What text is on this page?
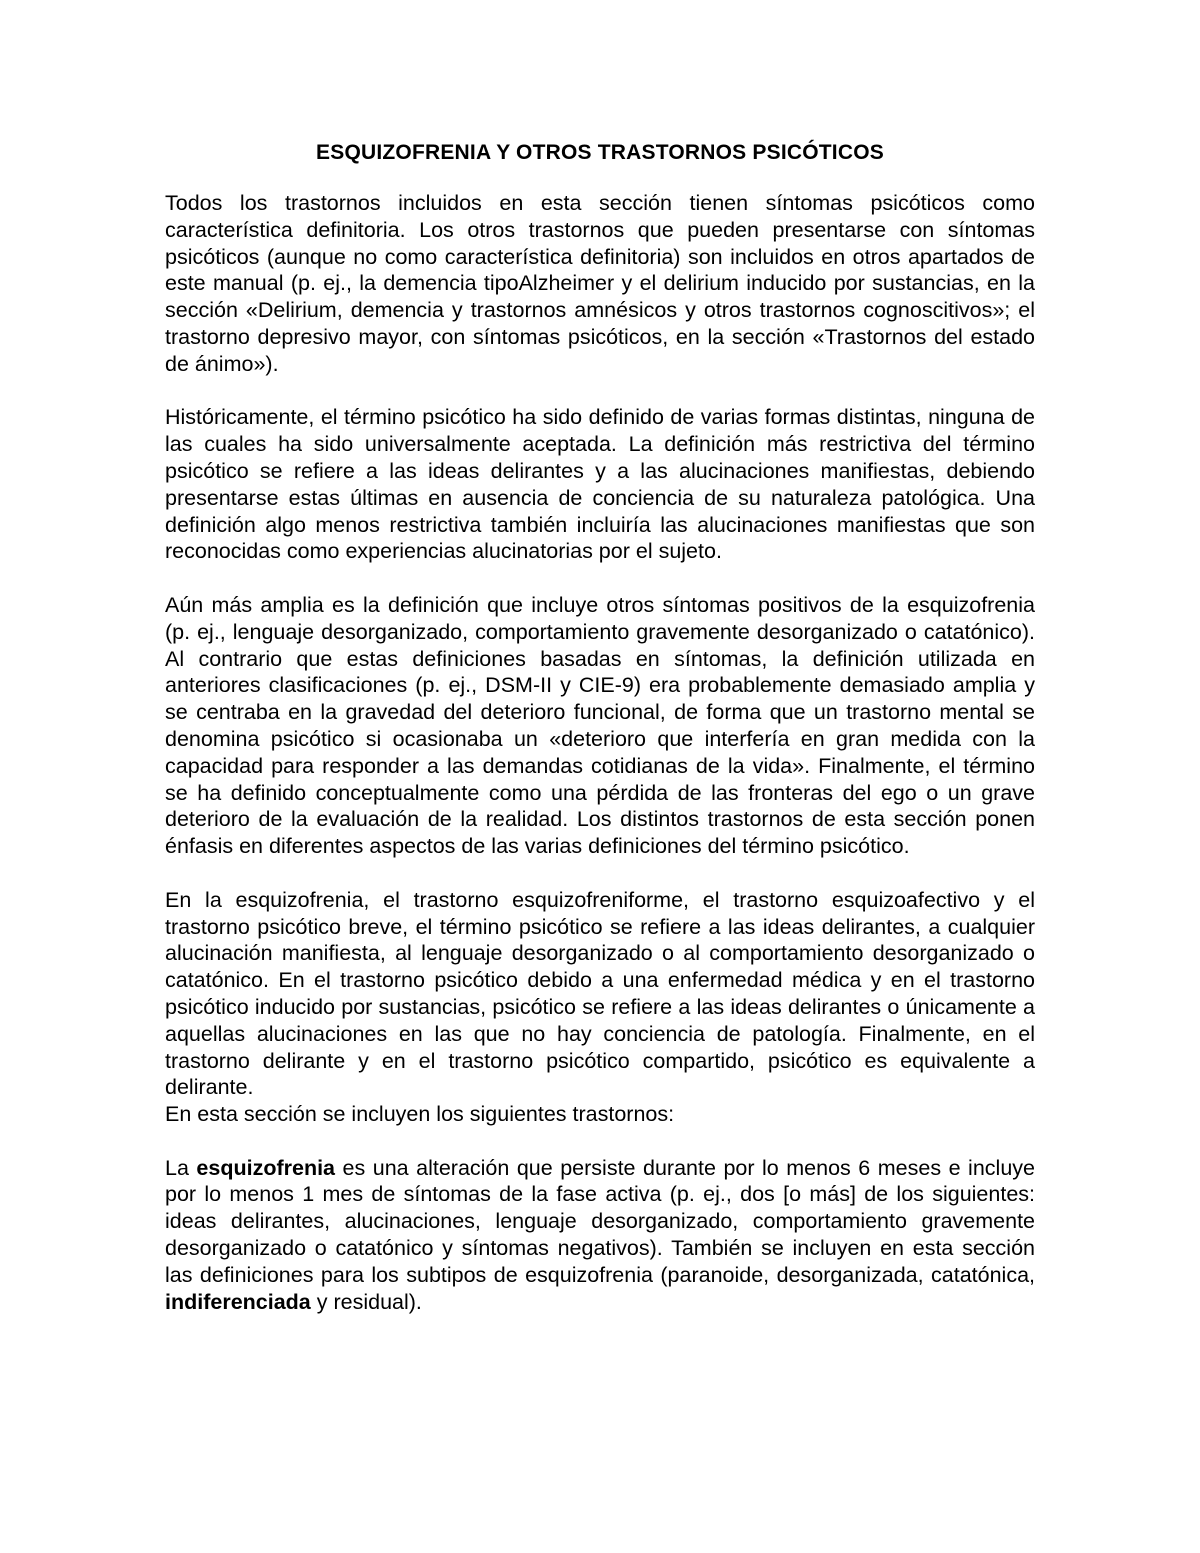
ESQUIZOFRENIA Y OTROS TRASTORNOS PSICÓTICOS

Todos los trastornos incluidos en esta sección tienen síntomas psicóticos como característica definitoria. Los otros trastornos que pueden presentarse con síntomas psicóticos (aunque no como característica definitoria) son incluidos en otros apartados de este manual (p. ej., la demencia tipoAlzheimer y el delirium inducido por sustancias, en la sección «Delirium, demencia y trastornos amnésicos y otros trastornos cognoscitivos»; el trastorno depresivo mayor, con síntomas psicóticos, en la sección «Trastornos del estado de ánimo»).

Históricamente, el término psicótico ha sido definido de varias formas distintas, ninguna de las cuales ha sido universalmente aceptada. La definición más restrictiva del término psicótico se refiere a las ideas delirantes y a las alucinaciones manifiestas, debiendo presentarse estas últimas en ausencia de conciencia de su naturaleza patológica. Una definición algo menos restrictiva también incluiría las alucinaciones manifiestas que son reconocidas como experiencias alucinatorias por el sujeto.

Aún más amplia es la definición que incluye otros síntomas positivos de la esquizofrenia (p. ej., lenguaje desorganizado, comportamiento gravemente desorganizado o catatónico). Al contrario que estas definiciones basadas en síntomas, la definición utilizada en anteriores clasificaciones (p. ej., DSM-II y CIE-9) era probablemente demasiado amplia y se centraba en la gravedad del deterioro funcional, de forma que un trastorno mental se denomina psicótico si ocasionaba un «deterioro que interfería en gran medida con la capacidad para responder a las demandas cotidianas de la vida». Finalmente, el término se ha definido conceptualmente como una pérdida de las fronteras del ego o un grave deterioro de la evaluación de la realidad. Los distintos trastornos de esta sección ponen énfasis en diferentes aspectos de las varias definiciones del término psicótico.

En la esquizofrenia, el trastorno esquizofreniforme, el trastorno esquizoafectivo y el trastorno psicótico breve, el término psicótico se refiere a las ideas delirantes, a cualquier alucinación manifiesta, al lenguaje desorganizado o al comportamiento desorganizado o catatónico. En el trastorno psicótico debido a una enfermedad médica y en el trastorno psicótico inducido por sustancias, psicótico se refiere a las ideas delirantes o únicamente a aquellas alucinaciones en las que no hay conciencia de patología. Finalmente, en el trastorno delirante y en el trastorno psicótico compartido, psicótico es equivalente a delirante.

En esta sección se incluyen los siguientes trastornos:

La esquizofrenia es una alteración que persiste durante por lo menos 6 meses e incluye por lo menos 1 mes de síntomas de la fase activa (p. ej., dos [o más] de los siguientes: ideas delirantes, alucinaciones, lenguaje desorganizado, comportamiento gravemente desorganizado o catatónico y síntomas negativos). También se incluyen en esta sección las definiciones para los subtipos de esquizofrenia (paranoide, desorganizada, catatónica, indiferenciada y residual).
